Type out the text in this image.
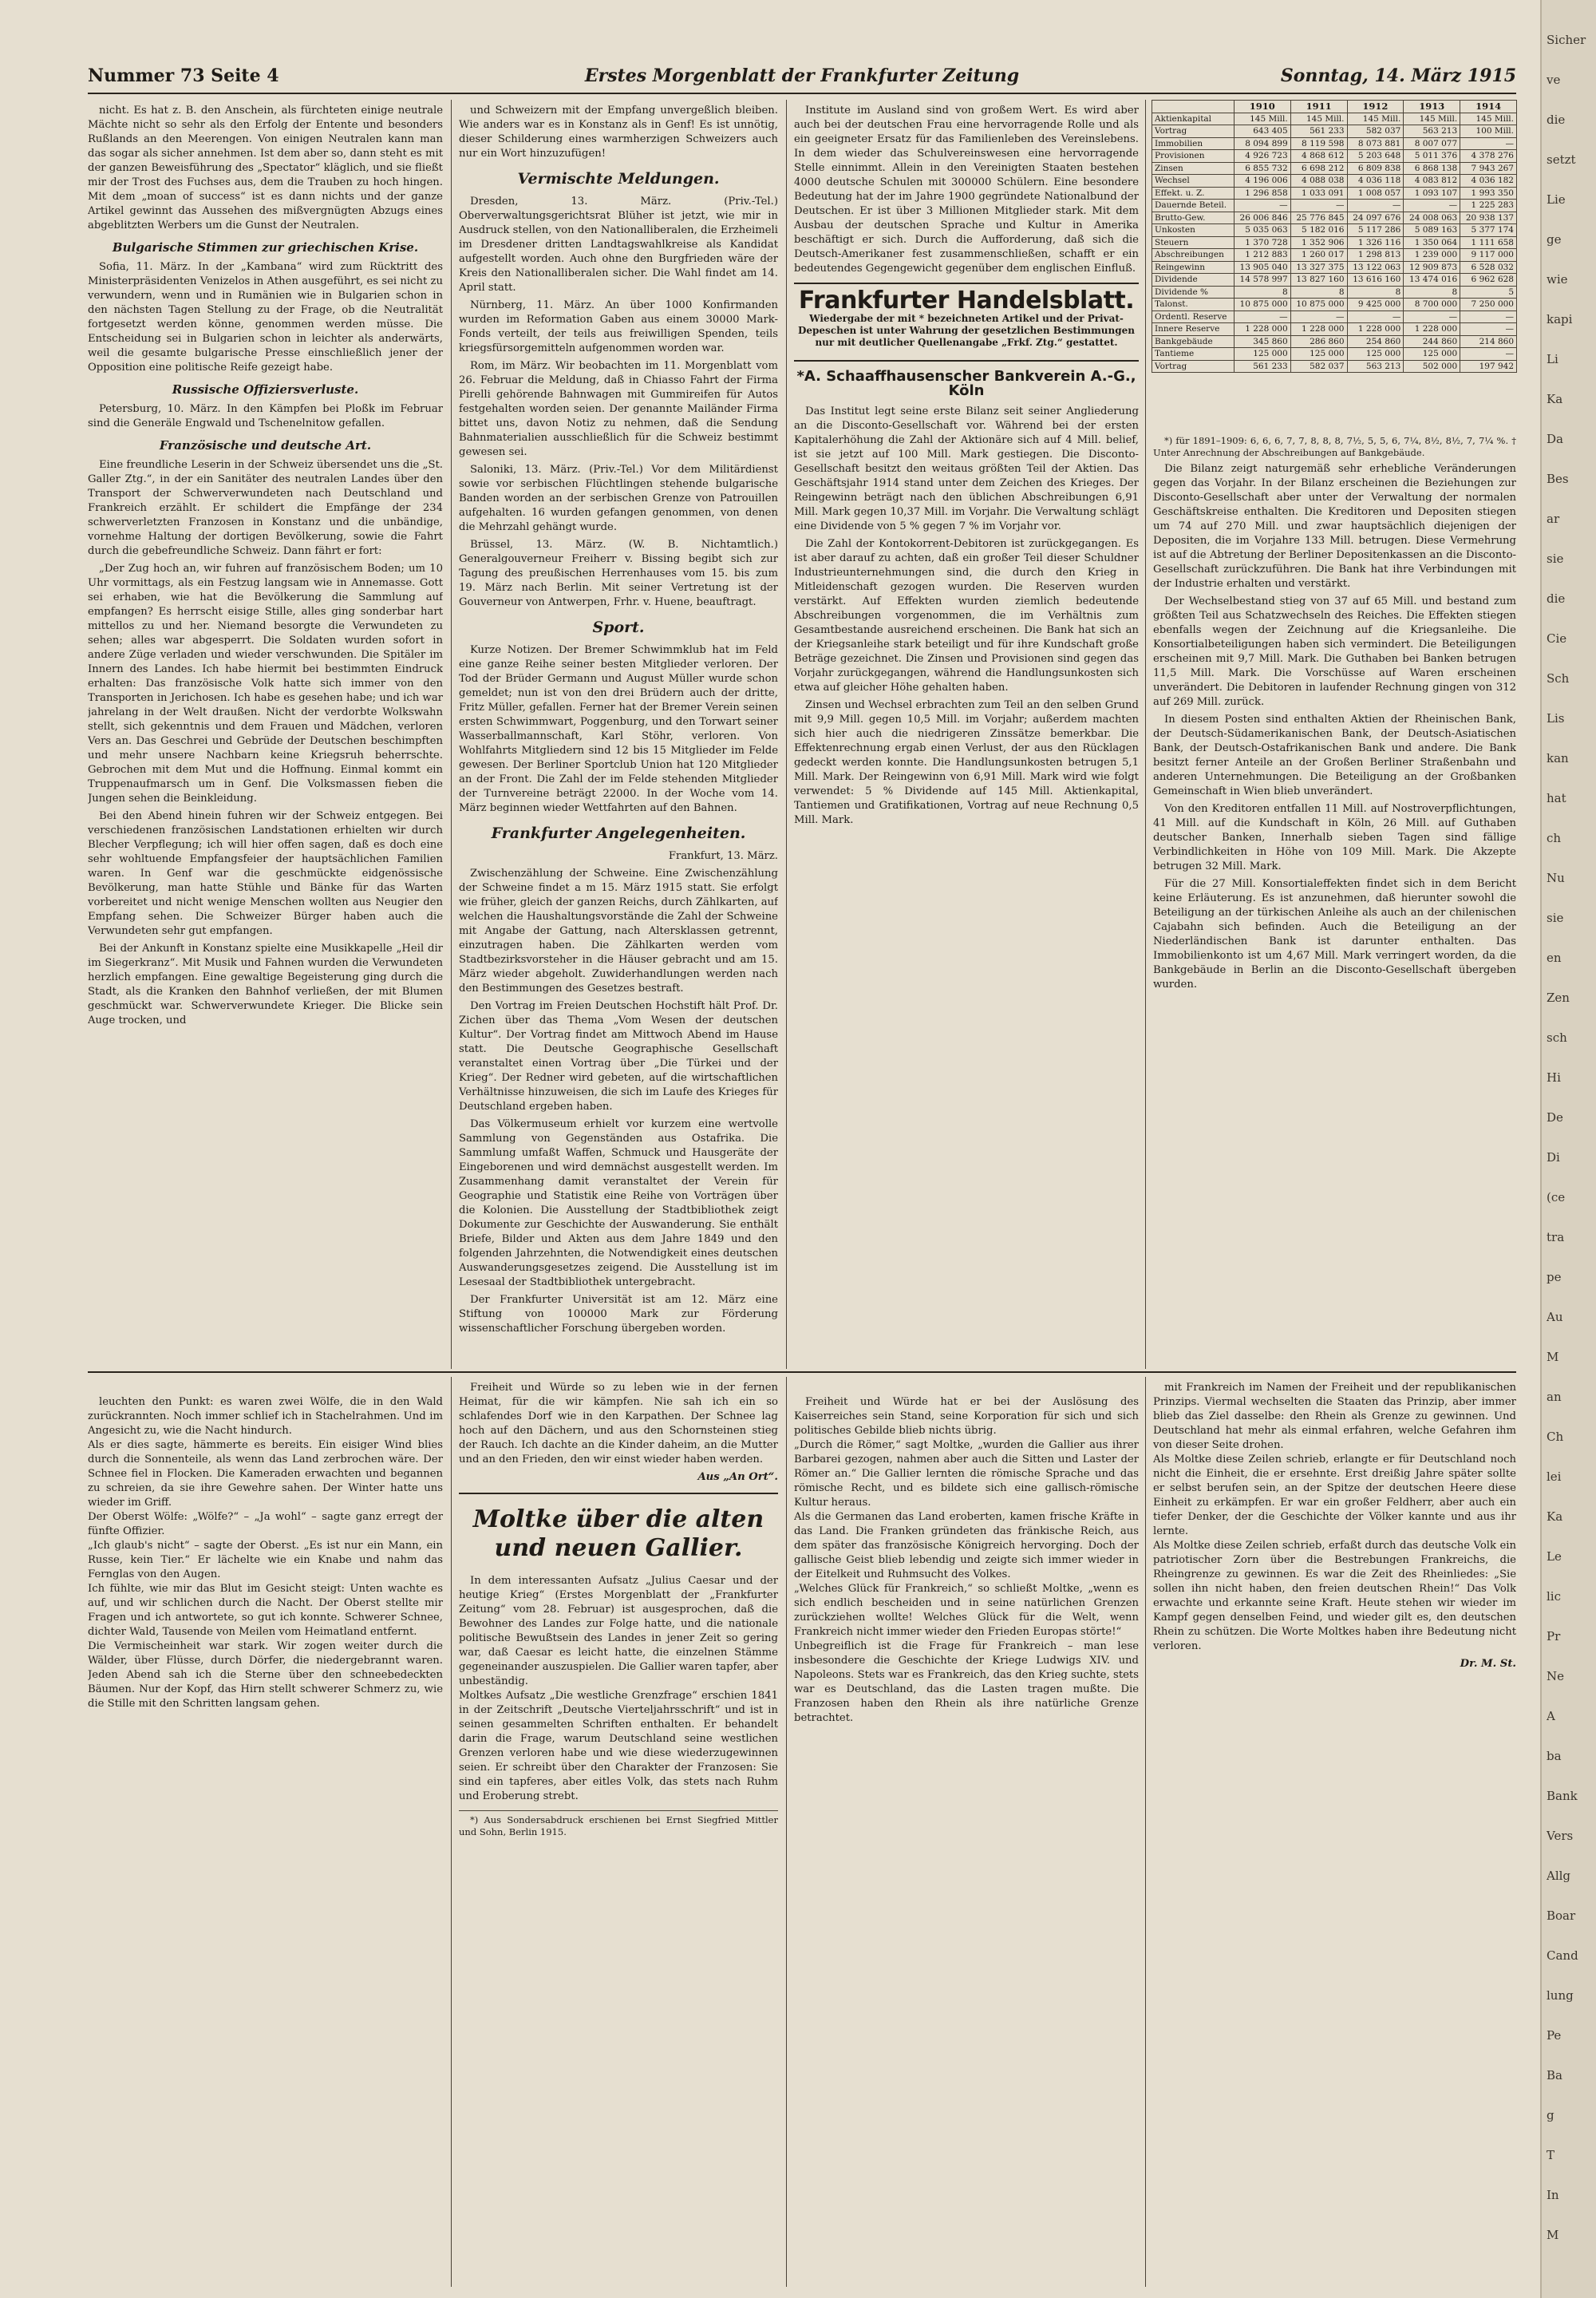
Nummer 73 Seite 4	Erstes Morgenblatt der Frankfurter Zeitung	Sonntag, 14. März 1915

nicht. Es hat z. B. den Anschein, als fürchteten einige neutrale Mächte nicht so sehr als den Erfolg der Entente und besonders Rußlands an den Meerengen. Von einigen Neutralen kann man das sogar als sicher annehmen. Ist dem aber so, dann steht es mit der ganzen Beweisführung des „Spectator“ kläglich, und sie fließt mir der Trost des Fuchses aus, dem die Trauben zu hoch hingen. Mit dem „moan of success“ ist es dann nichts und der ganze Artikel gewinnt das Aussehen des mißvergnügten Abzugs eines abgeblitzten Werbers um die Gunst der Neutralen.

Bulgarische Stimmen zur griechischen Krise.

Sofia, 11. März. In der „Kambana“ wird zum Rücktritt des Ministerpräsidenten Venizelos in Athen ausgeführt, es sei nicht zu verwundern, wenn und in Rumänien wie in Bulgarien schon in den nächsten Tagen Stellung zu der Frage, ob die Neutralität fortgesetzt werden könne, genommen werden müsse. Die Entscheidung sei in Bulgarien schon in leichter als anderwärts, weil die gesamte bulgarische Presse einschließlich jener der Opposition eine politische Reife gezeigt habe.

Russische Offiziersverluste.

Petersburg, 10. März. In den Kämpfen bei Ploßk im Februar sind die Generäle Engwald und Tschenelnitow gefallen.

Französische und deutsche Art.

Eine freundliche Leserin in der Schweiz übersendet uns die „St. Galler Ztg.“, in der ein Sanitäter des neutralen Landes über den Transport der Schwerverwundeten nach Deutschland und Frankreich erzählt. Er schildert die Empfänge der 234 schwerverletzten Franzosen in Konstanz und die unbändige, vornehme Haltung der dortigen Bevölkerung, sowie die Fahrt durch die gebefreundliche Schweiz. Dann fährt er fort:

„Der Zug hoch an, wir fuhren auf französischem Boden; um 10 Uhr vormittags, als ein Festzug langsam wie in Annemasse. Gott sei erhaben, wie hat die Bevölkerung die Sammlung auf empfangen? Es herrscht eisige Stille, alles ging sonderbar hart mittellos zu und her. Niemand besorgte die Verwundeten zu sehen; alles war abgesperrt. Die Soldaten wurden sofort in andere Züge verladen und wieder verschwunden. Die Spitäler im Innern des Landes. Ich habe hiermit bei bestimmten Eindruck erhalten: Das französische Volk hatte sich immer von den Transporten in Jerichosen. Ich habe es gesehen habe; und ich war jahrelang in der Welt draußen. Nicht der verdorbte Wolkswahn stellt, sich gekenntnis und dem Frauen und Mädchen, verloren Vers an. Das Geschrei und Gebrüde der Deutschen beschimpften und mehr unsere Nachbarn keine Kriegsruh beherrschte. Gebrochen mit dem Mut und die Hoffnung. Einmal kommt ein Truppenaufmarsch um in Genf. Die Volksmassen fieben die Jungen sehen die Beinkleidung.

Bei den Abend hinein fuhren wir der Schweiz entgegen. Bei verschiedenen französischen Landstationen erhielten wir durch Blecher Verpflegung; ich will hier offen sagen, daß es doch eine sehr wohltuende Empfangsfeier der hauptsächlichen Familien waren. In Genf war die geschmückte eidgenössische Bevölkerung, man hatte Stühle und Bänke für das Warten vorbereitet und nicht wenige Menschen wollten aus Neugier den Empfang sehen. Die Schweizer Bürger haben auch die Verwundeten sehr gut empfangen.

Bei der Ankunft in Konstanz spielte eine Musikkapelle „Heil dir im Siegerkranz“. Mit Musik und Fahnen wurden die Verwundeten herzlich empfangen. Eine gewaltige Begeisterung ging durch die Stadt, als die Kranken den Bahnhof verließen, der mit Blumen geschmückt war. Schwerverwundete Krieger. Die Blicke sein Auge trocken, und

und Schweizern mit der Empfang unvergeßlich bleiben. Wie anders war es in Konstanz als in Genf! Es ist unnötig, dieser Schilderung eines warmherzigen Schweizers auch nur ein Wort hinzuzufügen!

Vermischte Meldungen.

Dresden, 13. März. (Priv.-Tel.) Oberverwaltungsgerichtsrat Blüher ist jetzt, wie mir in Ausdruck stellen, von den Nationalliberalen, die Erzheimeli im Dresdener dritten Landtagswahlkreise als Kandidat aufgestellt worden. Auch ohne den Burgfrieden wäre der Kreis den Nationalliberalen sicher. Die Wahl findet am 14. April statt.

Nürnberg, 11. März. An über 1000 Konfirmanden wurden im Reformation Gaben aus einem 30000 Mark-Fonds verteilt, der teils aus freiwilligen Spenden, teils kriegsfürsorgemitteln aufgenommen worden war.

Rom, im März. Wir beobachten im 11. Morgenblatt vom 26. Februar die Meldung, daß in Chiasso Fahrt der Firma Pirelli gehörende Bahnwagen mit Gummireifen für Autos festgehalten worden seien. Der genannte Mailänder Firma bittet uns, davon Notiz zu nehmen, daß die Sendung Bahnmaterialien ausschließlich für die Schweiz bestimmt gewesen sei.

Saloniki, 13. März. (Priv.-Tel.) Vor dem Militärdienst sowie vor serbischen Flüchtlingen stehende bulgarische Banden worden an der serbischen Grenze von Patrouillen aufgehalten. 16 wurden gefangen genommen, von denen die Mehrzahl gehängt wurde.

Brüssel, 13. März. (W. B. Nichtamtlich.) Generalgouverneur Freiherr v. Bissing begibt sich zur Tagung des preußischen Herrenhauses vom 15. bis zum 19. März nach Berlin. Mit seiner Vertretung ist der Gouverneur von Antwerpen, Frhr. v. Huene, beauftragt.

Sport.

Kurze Notizen. Der Bremer Schwimmklub hat im Feld eine ganze Reihe seiner besten Mitglieder verloren. Der Tod der Brüder Germann und August Müller wurde schon gemeldet; nun ist von den drei Brüdern auch der dritte, Fritz Müller, gefallen. Ferner hat der Bremer Verein seinen ersten Schwimmwart, Poggenburg, und den Torwart seiner Wasserballmannschaft, Karl Stöhr, verloren. Von Wohlfahrts Mitgliedern sind 12 bis 15 Mitglieder im Felde gewesen. Der Berliner Sportclub Union hat 120 Mitglieder an der Front. Die Zahl der im Felde stehenden Mitglieder der Turnvereine beträgt 22000. In der Woche vom 14. März beginnen wieder Wettfahrten auf den Bahnen.

Frankfurter Angelegenheiten.

Frankfurt, 13. März.

Zwischenzählung der Schweine. Eine Zwischenzählung der Schweine findet a m 15. März 1915 statt. Sie erfolgt wie früher, gleich der ganzen Reichs, durch Zählkarten, auf welchen die Haushaltungsvorstände die Zahl der Schweine mit Angabe der Gattung, nach Altersklassen getrennt, einzutragen haben. Die Zählkarten werden vom Stadtbezirksvorsteher in die Häuser gebracht und am 15. März wieder abgeholt. Zuwiderhandlungen werden nach den Bestimmungen des Gesetzes bestraft.

Den Vortrag im Freien Deutschen Hochstift hält Prof. Dr. Zichen über das Thema „Vom Wesen der deutschen Kultur“. Der Vortrag findet am Mittwoch Abend im Hause statt. Die Deutsche Geographische Gesellschaft veranstaltet einen Vortrag über „Die Türkei und der Krieg“. Der Redner wird gebeten, auf die wirtschaftlichen Verhältnisse hinzuweisen, die sich im Laufe des Krieges für Deutschland ergeben haben.

Das Völkermuseum erhielt vor kurzem eine wertvolle Sammlung von Gegenständen aus Ostafrika. Die Sammlung umfaßt Waffen, Schmuck und Hausgeräte der Eingeborenen und wird demnächst ausgestellt werden. Im Zusammenhang damit veranstaltet der Verein für Geographie und Statistik eine Reihe von Vorträgen über die Kolonien. Die Ausstellung der Stadtbibliothek zeigt Dokumente zur Geschichte der Auswanderung. Sie enthält Briefe, Bilder und Akten aus dem Jahre 1849 und den folgenden Jahrzehnten, die Notwendigkeit eines deutschen Auswanderungsgesetzes zeigend. Die Ausstellung ist im Lesesaal der Stadtbibliothek untergebracht.

Der Frankfurter Universität ist am 12. März eine Stiftung von 100000 Mark zur Förderung wissenschaftlicher Forschung übergeben worden.

Institute im Ausland sind von großem Wert. Es wird aber auch bei der deutschen Frau eine hervorragende Rolle und als ein geeigneter Ersatz für das Familienleben des Vereinslebens. In dem wieder das Schulvereinswesen eine hervorragende Stelle einnimmt. Allein in den Vereinigten Staaten bestehen 4000 deutsche Schulen mit 300000 Schülern. Eine besondere Bedeutung hat der im Jahre 1900 gegründete Nationalbund der Deutschen. Er ist über 3 Millionen Mitglieder stark. Mit dem Ausbau der deutschen Sprache und Kultur in Amerika beschäftigt er sich. Durch die Aufforderung, daß sich die Deutsch-Amerikaner fest zusammenschließen, schafft er ein bedeutendes Gegengewicht gegenüber dem englischen Einfluß.

Frankfurter Handelsblatt.
Wiedergabe der mit * bezeichneten Artikel und der Privat-Depeschen ist unter Wahrung der gesetzlichen Bestimmungen nur mit deutlicher Quellenangabe „Frkf. Ztg.“ gestattet.
*A. Schaaffhausenscher Bankverein A.-G., Köln

Das Institut legt seine erste Bilanz seit seiner Angliederung an die Disconto-Gesellschaft vor. Während bei der ersten Kapitalerhöhung die Zahl der Aktionäre sich auf 4 Mill. belief, ist sie jetzt auf 100 Mill. Mark gestiegen. Die Disconto-Gesellschaft besitzt den weitaus größten Teil der Aktien. Das Geschäftsjahr 1914 stand unter dem Zeichen des Krieges. Der Reingewinn beträgt nach den üblichen Abschreibungen 6,91 Mill. Mark gegen 10,37 Mill. im Vorjahr. Die Verwaltung schlägt eine Dividende von 5 % gegen 7 % im Vorjahr vor.

Die Zahl der Kontokorrent-Debitoren ist zurückgegangen. Es ist aber darauf zu achten, daß ein großer Teil dieser Schuldner Industrieunternehmungen sind, die durch den Krieg in Mitleidenschaft gezogen wurden. Die Reserven wurden verstärkt. Auf Effekten wurden ziemlich bedeutende Abschreibungen vorgenommen, die im Verhältnis zum Gesamtbestande ausreichend erscheinen. Die Bank hat sich an der Kriegsanleihe stark beteiligt und für ihre Kundschaft große Beträge gezeichnet. Die Zinsen und Provisionen sind gegen das Vorjahr zurückgegangen, während die Handlungsunkosten sich etwa auf gleicher Höhe gehalten haben.

Zinsen und Wechsel erbrachten zum Teil an den selben Grund mit 9,9 Mill. gegen 10,5 Mill. im Vorjahr; außerdem machten sich hier auch die niedrigeren Zinssätze bemerkbar. Die Effektenrechnung ergab einen Verlust, der aus den Rücklagen gedeckt werden konnte. Die Handlungsunkosten betrugen 5,1 Mill. Mark. Der Reingewinn von 6,91 Mill. Mark wird wie folgt verwendet: 5 % Dividende auf 145 Mill. Aktienkapital, Tantiemen und Gratifikationen, Vortrag auf neue Rechnung 0,5 Mill. Mark.

	1910	1911	1912	1913	1914
Aktienkapital	145 Mill.	145 Mill.	145 Mill.	145 Mill.	145 Mill.
Vortrag	643 405	561 233	582 037	563 213	100 Mill.
Immobilien	8 094 899	8 119 598	8 073 881	8 007 077	—
Provisionen	4 926 723	4 868 612	5 203 648	5 011 376	4 378 276
Zinsen	6 855 732	6 698 212	6 809 838	6 868 138	7 943 267
Wechsel	4 196 006	4 088 038	4 036 118	4 083 812	4 036 182
Effekt. u. Z.	1 296 858	1 033 091	1 008 057	1 093 107	1 993 350
Dauernde Beteil.	—	—	—	—	1 225 283
Brutto-Gew.	26 006 846	25 776 845	24 097 676	24 008 063	20 938 137
Unkosten	5 035 063	5 182 016	5 117 286	5 089 163	5 377 174
Steuern	1 370 728	1 352 906	1 326 116	1 350 064	1 111 658
Abschreibungen	1 212 883	1 260 017	1 298 813	1 239 000	9 117 000
Reingewinn	13 905 040	13 327 375	13 122 063	12 909 873	6 528 032
Dividende	14 578 997	13 827 160	13 616 160	13 474 016	6 962 628
Dividende %	8	8	8	8	5
Talonst.	10 875 000	10 875 000	9 425 000	8 700 000	7 250 000
Ordentl. Reserve	—	—	—	—	—
Innere Reserve	1 228 000	1 228 000	1 228 000	1 228 000	—
Bankgebäude	345 860	286 860	254 860	244 860	214 860
Tantieme	125 000	125 000	125 000	125 000	—
Vortrag	561 233	582 037	563 213	502 000	197 942

*) für 1891–1909: 6, 6, 6, 7, 7, 8, 8, 8, 7½, 5, 5, 6, 7¼, 8½, 8½, 7, 7¼ %. † Unter Anrechnung der Abschreibungen auf Bankgebäude.

Die Bilanz zeigt naturgemäß sehr erhebliche Veränderungen gegen das Vorjahr. In der Bilanz erscheinen die Beziehungen zur Disconto-Gesellschaft aber unter der Verwaltung der normalen Geschäftskreise enthalten. Die Kreditoren und Depositen stiegen um 74 auf 270 Mill. und zwar hauptsächlich diejenigen der Depositen, die im Vorjahre 133 Mill. betrugen. Diese Vermehrung ist auf die Abtretung der Berliner Depositenkassen an die Disconto-Gesellschaft zurückzuführen. Die Bank hat ihre Verbindungen mit der Industrie erhalten und verstärkt.

Der Wechselbestand stieg von 37 auf 65 Mill. und bestand zum größten Teil aus Schatzwechseln des Reiches. Die Effekten stiegen ebenfalls wegen der Zeichnung auf die Kriegsanleihe. Die Konsortialbeteiligungen haben sich vermindert. Die Beteiligungen erscheinen mit 9,7 Mill. Mark. Die Guthaben bei Banken betrugen 11,5 Mill. Mark. Die Vorschüsse auf Waren erscheinen unverändert. Die Debitoren in laufender Rechnung gingen von 312 auf 269 Mill. zurück.

In diesem Posten sind enthalten Aktien der Rheinischen Bank, der Deutsch-Südamerikanischen Bank, der Deutsch-Asiatischen Bank, der Deutsch-Ostafrikanischen Bank und andere. Die Bank besitzt ferner Anteile an der Großen Berliner Straßenbahn und anderen Unternehmungen. Die Beteiligung an der Großbanken Gemeinschaft in Wien blieb unverändert.

Von den Kreditoren entfallen 11 Mill. auf Nostroverpflichtungen, 41 Mill. auf die Kundschaft in Köln, 26 Mill. auf Guthaben deutscher Banken, Innerhalb sieben Tagen sind fällige Verbindlichkeiten in Höhe von 109 Mill. Mark. Die Akzepte betrugen 32 Mill. Mark.

Für die 27 Mill. Konsortialeffekten findet sich in dem Bericht keine Erläuterung. Es ist anzunehmen, daß hierunter sowohl die Beteiligung an der türkischen Anleihe als auch an der chilenischen Cajabahn sich befinden. Auch die Beteiligung an der Niederländischen Bank ist darunter enthalten. Das Immobilienkonto ist um 4,67 Mill. Mark verringert worden, da die Bankgebäude in Berlin an die Disconto-Gesellschaft übergeben wurden.

leuchten den Punkt: es waren zwei Wölfe, die in den Wald zurückrannten. Noch immer schlief ich in Stachelrahmen. Und im Angesicht zu, wie die Nacht hindurch.
Als er dies sagte, hämmerte es bereits. Ein eisiger Wind blies durch die Sonnenteile, als wenn das Land zerbrochen wäre. Der Schnee fiel in Flocken. Die Kameraden erwachten und begannen zu schreien, da sie ihre Gewehre sahen. Der Winter hatte uns wieder im Griff.
Der Oberst Wölfe: „Wölfe?“ – „Ja wohl“ – sagte ganz erregt der fünfte Offizier.
„Ich glaub's nicht“ – sagte der Oberst. „Es ist nur ein Mann, ein Russe, kein Tier.“ Er lächelte wie ein Knabe und nahm das Fernglas von den Augen.
Ich fühlte, wie mir das Blut im Gesicht steigt: Unten wachte es auf, und wir schlichen durch die Nacht. Der Oberst stellte mir Fragen und ich antwortete, so gut ich konnte. Schwerer Schnee, dichter Wald, Tausende von Meilen vom Heimatland entfernt.
Die Vermischeinheit war stark. Wir zogen weiter durch die Wälder, über Flüsse, durch Dörfer, die niedergebrannt waren. Jeden Abend sah ich die Sterne über den schneebedeckten Bäumen. Nur der Kopf, das Hirn stellt schwerer Schmerz zu, wie die Stille mit den Schritten langsam gehen.

Freiheit und Würde so zu leben wie in der fernen Heimat, für die wir kämpfen. Nie sah ich ein so schlafendes Dorf wie in den Karpathen. Der Schnee lag hoch auf den Dächern, und aus den Schornsteinen stieg der Rauch. Ich dachte an die Kinder daheim, an die Mutter und an den Frieden, den wir einst wieder haben werden.

Aus „An Ort“.

Moltke über die alten und neuen Gallier.

In dem interessanten Aufsatz „Julius Caesar und der heutige Krieg“ (Erstes Morgenblatt der „Frankfurter Zeitung“ vom 28. Februar) ist ausgesprochen, daß die Bewohner des Landes zur Folge hatte, und die nationale politische Bewußtsein des Landes in jener Zeit so gering war, daß Caesar es leicht hatte, die einzelnen Stämme gegeneinander auszuspielen. Die Gallier waren tapfer, aber unbeständig.
Moltkes Aufsatz „Die westliche Grenzfrage“ erschien 1841 in der Zeitschrift „Deutsche Vierteljahrsschrift“ und ist in seinen gesammelten Schriften enthalten. Er behandelt darin die Frage, warum Deutschland seine westlichen Grenzen verloren habe und wie diese wiederzugewinnen seien. Er schreibt über den Charakter der Franzosen: Sie sind ein tapferes, aber eitles Volk, das stets nach Ruhm und Eroberung strebt.

*) Aus Sondersabdruck erschienen bei Ernst Siegfried Mittler und Sohn, Berlin 1915.

Freiheit und Würde hat er bei der Auslösung des Kaiserreiches sein Stand, seine Korporation für sich und sich politisches Gebilde blieb nichts übrig.
„Durch die Römer,“ sagt Moltke, „wurden die Gallier aus ihrer Barbarei gezogen, nahmen aber auch die Sitten und Laster der Römer an.“ Die Gallier lernten die römische Sprache und das römische Recht, und es bildete sich eine gallisch-römische Kultur heraus.
Als die Germanen das Land eroberten, kamen frische Kräfte in das Land. Die Franken gründeten das fränkische Reich, aus dem später das französische Königreich hervorging. Doch der gallische Geist blieb lebendig und zeigte sich immer wieder in der Eitelkeit und Ruhmsucht des Volkes.
„Welches Glück für Frankreich,“ so schließt Moltke, „wenn es sich endlich bescheiden und in seine natürlichen Grenzen zurückziehen wollte! Welches Glück für die Welt, wenn Frankreich nicht immer wieder den Frieden Europas störte!“
Unbegreiflich ist die Frage für Frankreich – man lese insbesondere die Geschichte der Kriege Ludwigs XIV. und Napoleons. Stets war es Frankreich, das den Krieg suchte, stets war es Deutschland, das die Lasten tragen mußte. Die Franzosen haben den Rhein als ihre natürliche Grenze betrachtet.

mit Frankreich im Namen der Freiheit und der republikanischen Prinzips. Viermal wechselten die Staaten das Prinzip, aber immer blieb das Ziel dasselbe: den Rhein als Grenze zu gewinnen. Und Deutschland hat mehr als einmal erfahren, welche Gefahren ihm von dieser Seite drohen.
Als Moltke diese Zeilen schrieb, erlangte er für Deutschland noch nicht die Einheit, die er ersehnte. Erst dreißig Jahre später sollte er selbst berufen sein, an der Spitze der deutschen Heere diese Einheit zu erkämpfen. Er war ein großer Feldherr, aber auch ein tiefer Denker, der die Geschichte der Völker kannte und aus ihr lernte.
Als Moltke diese Zeilen schrieb, erfaßt durch das deutsche Volk ein patriotischer Zorn über die Bestrebungen Frankreichs, die Rheingrenze zu gewinnen. Es war die Zeit des Rheinliedes: „Sie sollen ihn nicht haben, den freien deutschen Rhein!“ Das Volk erwachte und erkannte seine Kraft. Heute stehen wir wieder im Kampf gegen denselben Feind, und wieder gilt es, den deutschen Rhein zu schützen. Die Worte Moltkes haben ihre Bedeutung nicht verloren.

Dr. M. St.

Sicher
ve
die
setzt
Lie
ge
wie
kapi
Li
Ka
Da
Bes
ar
sie
die
Cie
Sch
Lis
kan
hat
ch
Nu
sie
en
Zen
sch
Hi
De
Di
(ce
tra
pe
Au
M
an
Ch
lei
Ka
Le
lic
Pr
Ne
A
ba
Bank
Vers
Allg
Boar
Cand
lung
Pe
Ba
g
T
In
M
